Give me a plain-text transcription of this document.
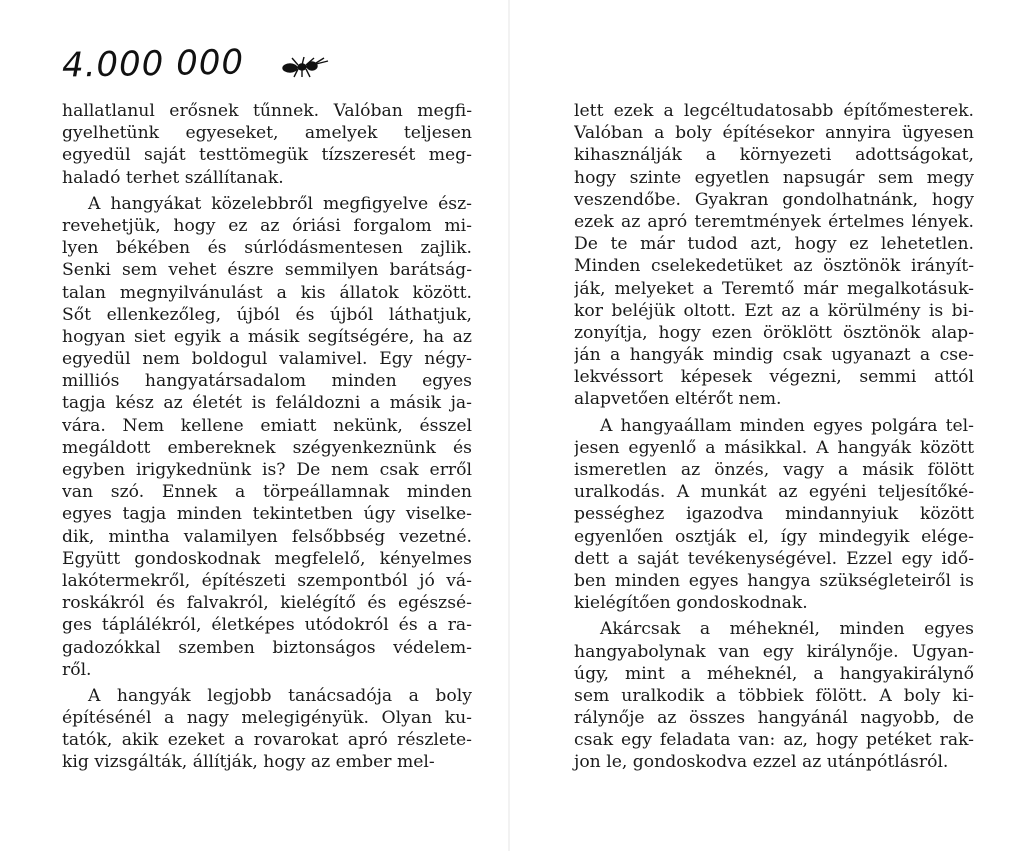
4.000 000
hallatlanul erősnek tűnnek. Valóban megfi-
gyelhetünk egyeseket, amelyek teljesen
egyedül saját testtömegük tízszeresét meg-
haladó terhet szállítanak.
A hangyákat közelebbről megfigyelve ész-
revehetjük, hogy ez az óriási forgalom mi-
lyen békében és súrlódásmentesen zajlik.
Senki sem vehet észre semmilyen barátság-
talan megnyilvánulást a kis állatok között.
Sőt ellenkezőleg, újból és újból láthatjuk,
hogyan siet egyik a másik segítségére, ha az
egyedül nem boldogul valamivel. Egy négy-
milliós hangyatársadalom minden egyes
tagja kész az életét is feláldozni a másik ja-
vára. Nem kellene emiatt nekünk, ésszel
megáldott embereknek szégyenkeznünk és
egyben irigykednünk is? De nem csak erről
van szó. Ennek a törpeállamnak minden
egyes tagja minden tekintetben úgy viselke-
dik, mintha valamilyen felsőbbség vezetné.
Együtt gondoskodnak megfelelő, kényelmes
lakótermekről, építészeti szempontból jó vá-
roskákról és falvakról, kielégítő és egészsé-
ges táplálékról, életképes utódokról és a ra-
gadozókkal szemben biztonságos védelem-
ről.
A hangyák legjobb tanácsadója a boly
építésénél a nagy melegigényük. Olyan ku-
tatók, akik ezeket a rovarokat apró részlete-
kig vizsgálták, állítják, hogy az ember mel-
lett ezek a legcéltudatosabb építőmesterek.
Valóban a boly építésekor annyira ügyesen
kihasználják a környezeti adottságokat,
hogy szinte egyetlen napsugár sem megy
veszendőbe. Gyakran gondolhatnánk, hogy
ezek az apró teremtmények értelmes lények.
De te már tudod azt, hogy ez lehetetlen.
Minden cselekedetüket az ösztönök irányít-
ják, melyeket a Teremtő már megalkotásuk-
kor beléjük oltott. Ezt az a körülmény is bi-
zonyítja, hogy ezen öröklött ösztönök alap-
ján a hangyák mindig csak ugyanazt a cse-
lekvéssort képesek végezni, semmi attól
alapvetően eltérőt nem.
A hangyaállam minden egyes polgára tel-
jesen egyenlő a másikkal. A hangyák között
ismeretlen az önzés, vagy a másik fölött
uralkodás. A munkát az egyéni teljesítőké-
pességhez igazodva mindannyiuk között
egyenlően osztják el, így mindegyik elége-
dett a saját tevékenységével. Ezzel egy idő-
ben minden egyes hangya szükségleteiről is
kielégítően gondoskodnak.
Akárcsak a méheknél, minden egyes
hangyabolynak van egy királynője. Ugyan-
úgy, mint a méheknél, a hangyakirálynő
sem uralkodik a többiek fölött. A boly ki-
rálynője az összes hangyánál nagyobb, de
csak egy feladata van: az, hogy petéket rak-
jon le, gondoskodva ezzel az utánpótlásról.
